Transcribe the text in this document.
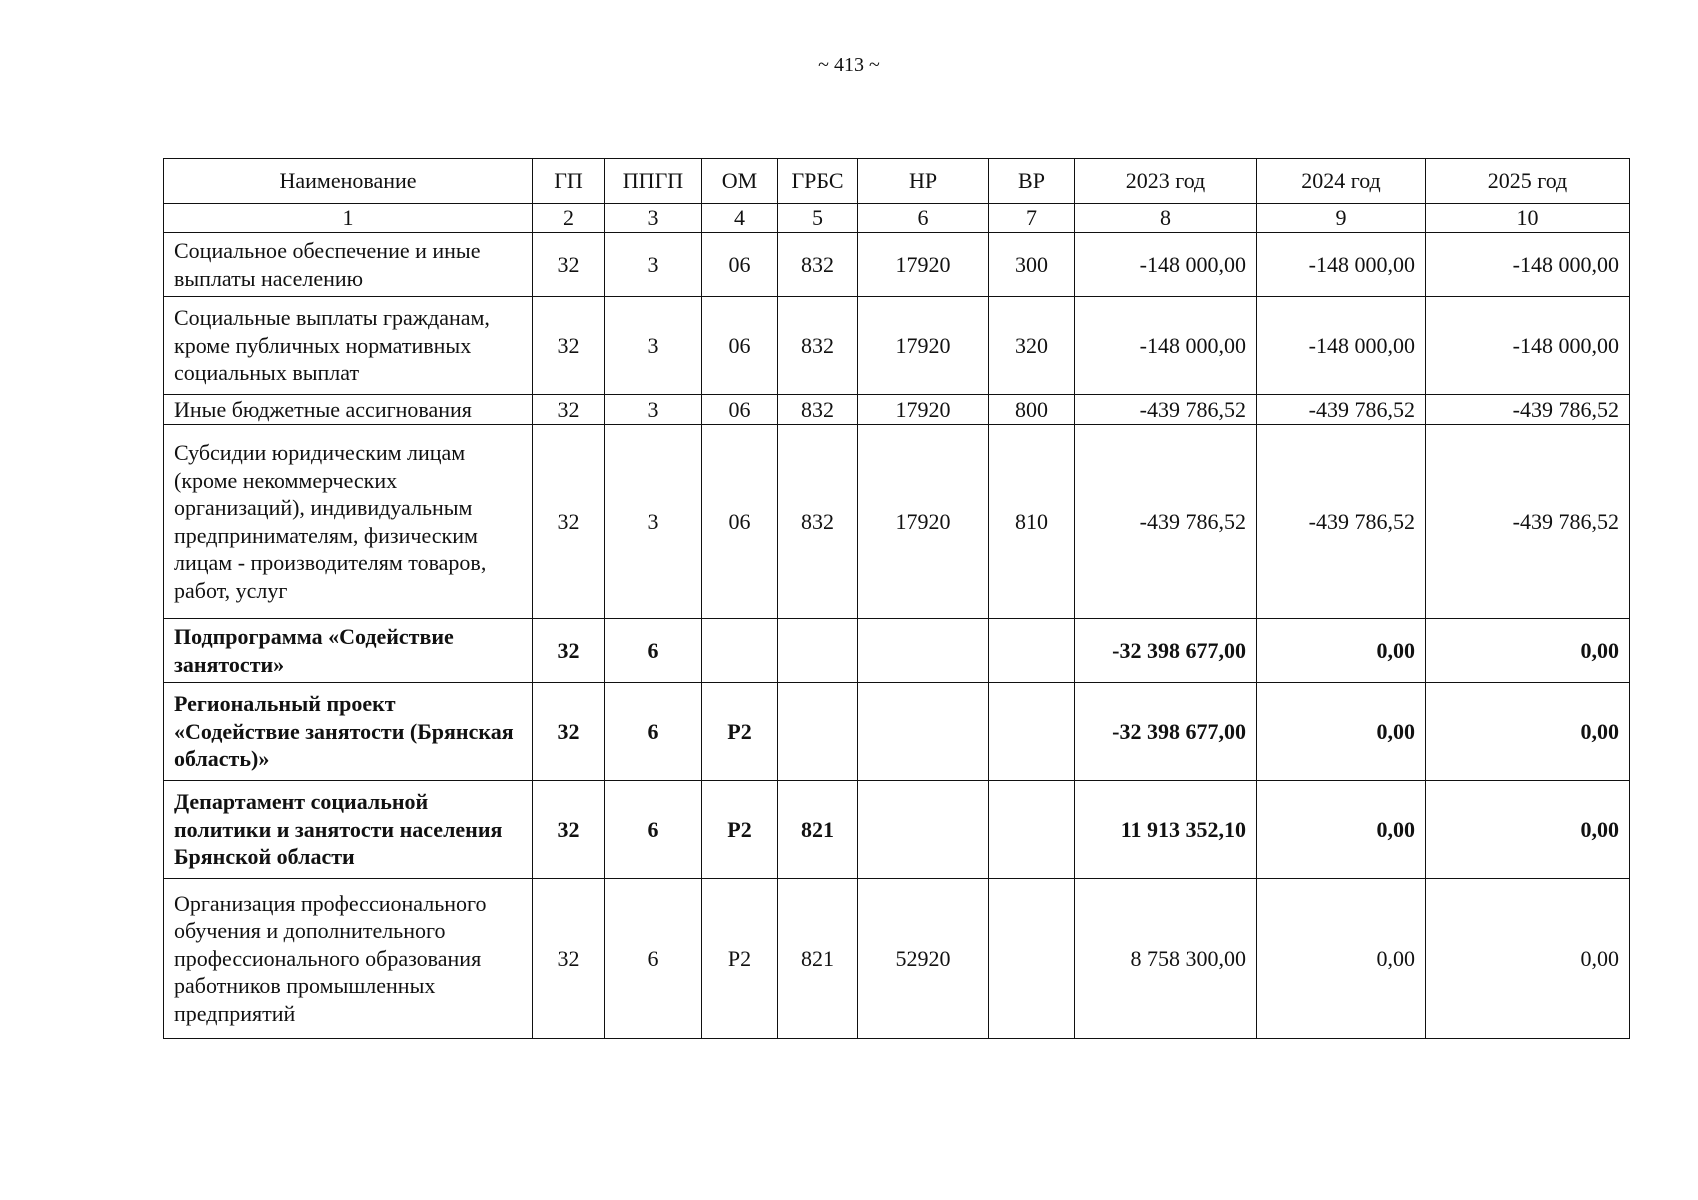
~ 413 ~
Наименование	ГП	ППГП	ОМ	ГРБС	НР	ВР	2023 год	2024 год	2025 год
1	2	3	4	5	6	7	8	9	10
Социальное обеспечение и иные выплаты населению	32	3	06	832	17920	300	-148 000,00	-148 000,00	-148 000,00
Социальные выплаты гражданам, кроме публичных нормативных социальных выплат	32	3	06	832	17920	320	-148 000,00	-148 000,00	-148 000,00
Иные бюджетные ассигнования	32	3	06	832	17920	800	-439 786,52	-439 786,52	-439 786,52
Субсидии юридическим лицам (кроме некоммерческих организаций), индивидуальным предпринимателям, физическим лицам - производителям товаров, работ, услуг	32	3	06	832	17920	810	-439 786,52	-439 786,52	-439 786,52
Подпрограмма «Содействие занятости»	32	6					-32 398 677,00	0,00	0,00
Региональный проект «Содействие занятости (Брянская область)»	32	6	Р2				-32 398 677,00	0,00	0,00
Департамент социальной политики и занятости населения Брянской области	32	6	Р2	821			11 913 352,10	0,00	0,00
Организация профессионального обучения и дополнительного профессионального образования работников промышленных предприятий	32	6	Р2	821	52920		8 758 300,00	0,00	0,00
